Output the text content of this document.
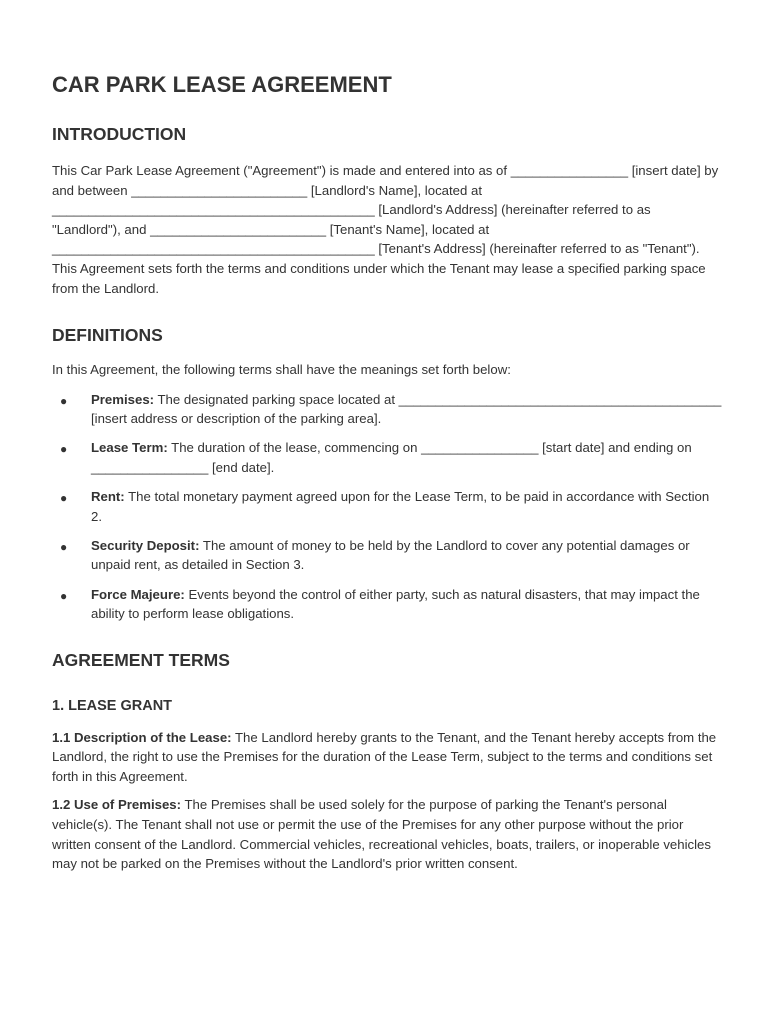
CAR PARK LEASE AGREEMENT
INTRODUCTION

This Car Park Lease Agreement ("Agreement") is made and entered into as of ________________ [insert date] by and between ________________________ [Landlord's Name], located at ____________________________________________ [Landlord's Address] (hereinafter referred to as "Landlord"), and ________________________ [Tenant's Name], located at ____________________________________________ [Tenant's Address] (hereinafter referred to as "Tenant"). This Agreement sets forth the terms and conditions under which the Tenant may lease a specified parking space from the Landlord.

DEFINITIONS

In this Agreement, the following terms shall have the meanings set forth below:

● Premises: The designated parking space located at ____________________________________________ [insert address or description of the parking area].
● Lease Term: The duration of the lease, commencing on ________________ [start date] and ending on ________________ [end date].
● Rent: The total monetary payment agreed upon for the Lease Term, to be paid in accordance with Section 2.
● Security Deposit: The amount of money to be held by the Landlord to cover any potential damages or unpaid rent, as detailed in Section 3.
● Force Majeure: Events beyond the control of either party, such as natural disasters, that may impact the ability to perform lease obligations.
AGREEMENT TERMS
1. LEASE GRANT

1.1 Description of the Lease: The Landlord hereby grants to the Tenant, and the Tenant hereby accepts from the Landlord, the right to use the Premises for the duration of the Lease Term, subject to the terms and conditions set forth in this Agreement.

1.2 Use of Premises: The Premises shall be used solely for the purpose of parking the Tenant's personal vehicle(s). The Tenant shall not use or permit the use of the Premises for any other purpose without the prior written consent of the Landlord. Commercial vehicles, recreational vehicles, boats, trailers, or inoperable vehicles may not be parked on the Premises without the Landlord's prior written consent.
